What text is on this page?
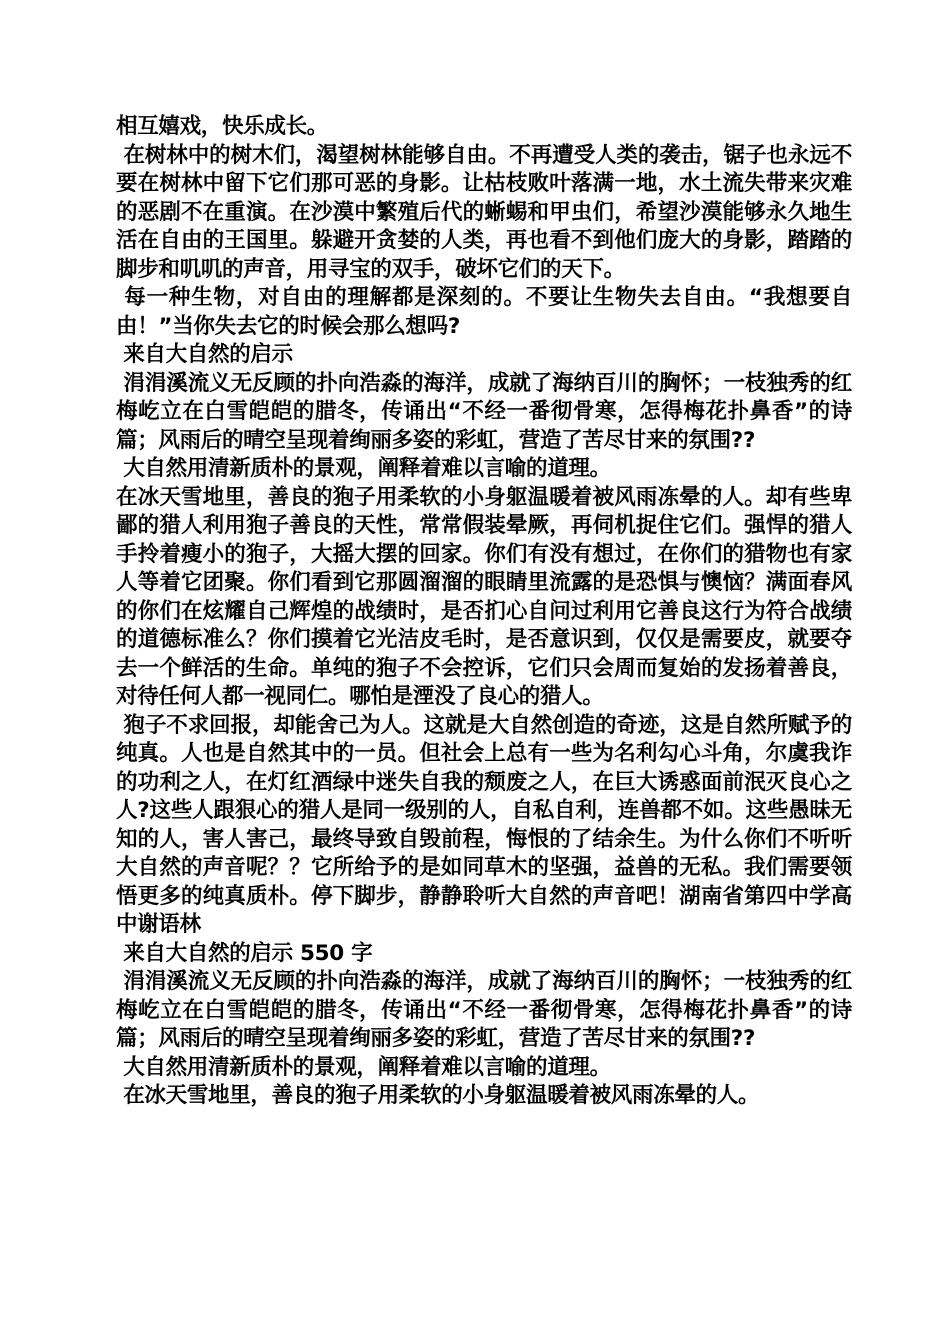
相互嬉戏，快乐成长。

在树林中的树木们，渴望树林能够自由。不再遭受人类的袭击，锯子也永远不要在树林中留下它们那可恶的身影。让枯枝败叶落满一地，水土流失带来灾难的恶剧不在重演。在沙漠中繁殖后代的蜥蜴和甲虫们，希望沙漠能够永久地生活在自由的王国里。躲避开贪婪的人类，再也看不到他们庞大的身影，踏踏的脚步和叽叽的声音，用寻宝的双手，破坏它们的天下。

每一种生物，对自由的理解都是深刻的。不要让生物失去自由。“我想要自由！”当你失去它的时候会那么想吗?

来自大自然的启示

涓涓溪流义无反顾的扑向浩淼的海洋，成就了海纳百川的胸怀；一枝独秀的红梅屹立在白雪皑皑的腊冬，传诵出“不经一番彻骨寒，怎得梅花扑鼻香”的诗篇；风雨后的晴空呈现着绚丽多姿的彩虹，营造了苦尽甘来的氛围??

大自然用清新质朴的景观，阐释着难以言喻的道理。

在冰天雪地里，善良的狍子用柔软的小身躯温暖着被风雨冻晕的人。却有些卑鄙的猎人利用狍子善良的天性，常常假装晕厥，再伺机捉住它们。强悍的猎人手拎着瘦小的狍子，大摇大摆的回家。你们有没有想过，在你们的猎物也有家人等着它团聚。你们看到它那圆溜溜的眼睛里流露的是恐惧与懊恼？满面春风的你们在炫耀自己辉煌的战绩时，是否扪心自问过利用它善良这行为符合战绩的道德标准么？你们摸着它光洁皮毛时，是否意识到，仅仅是需要皮，就要夺去一个鲜活的生命。单纯的狍子不会控诉，它们只会周而复始的发扬着善良，对待任何人都一视同仁。哪怕是湮没了良心的猎人。

狍子不求回报，却能舍己为人。这就是大自然创造的奇迹，这是自然所赋予的纯真。人也是自然其中的一员。但社会上总有一些为名利勾心斗角，尔虞我诈的功利之人，在灯红酒绿中迷失自我的颓废之人，在巨大诱惑面前泯灭良心之人?这些人跟狠心的猎人是同一级别的人，自私自利，连兽都不如。这些愚昧无知的人，害人害己，最终导致自毁前程，悔恨的了结余生。为什么你们不听听大自然的声音呢？？它所给予的是如同草木的坚强，益兽的无私。我们需要领悟更多的纯真质朴。停下脚步，静静聆听大自然的声音吧！湖南省第四中学高中谢语林

来自大自然的启示 550 字

涓涓溪流义无反顾的扑向浩淼的海洋，成就了海纳百川的胸怀；一枝独秀的红梅屹立在白雪皑皑的腊冬，传诵出“不经一番彻骨寒，怎得梅花扑鼻香”的诗篇；风雨后的晴空呈现着绚丽多姿的彩虹，营造了苦尽甘来的氛围??

大自然用清新质朴的景观，阐释着难以言喻的道理。

在冰天雪地里，善良的狍子用柔软的小身躯温暖着被风雨冻晕的人。
